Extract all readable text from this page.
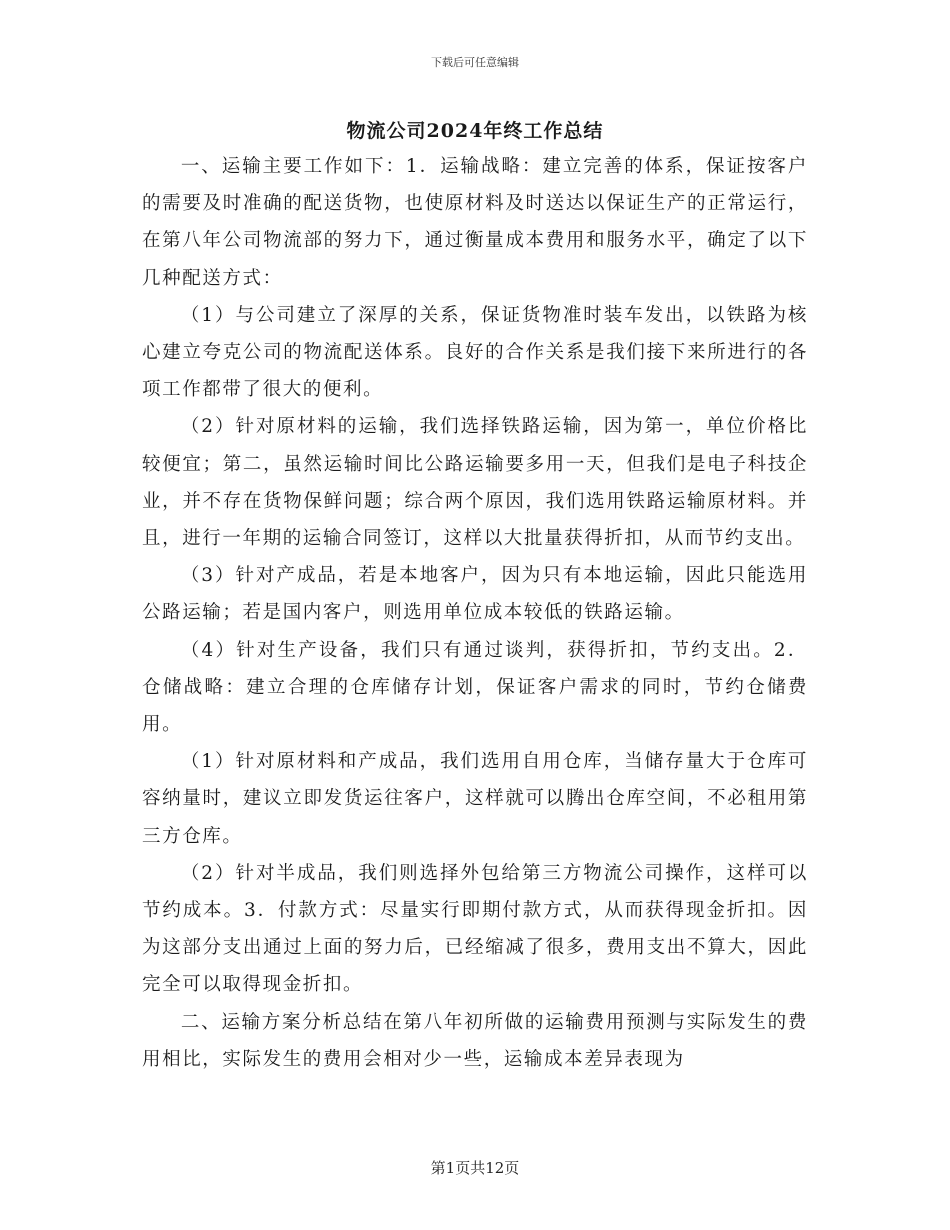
下载后可任意编辑
物流公司2024年终工作总结

一、运输主要工作如下：1．运输战略：建立完善的体系，保证按客户的需要及时准确的配送货物，也使原材料及时送达以保证生产的正常运行，在第八年公司物流部的努力下，通过衡量成本费用和服务水平，确定了以下几种配送方式：

（1）与公司建立了深厚的关系，保证货物准时装车发出，以铁路为核心建立夸克公司的物流配送体系。良好的合作关系是我们接下来所进行的各项工作都带了很大的便利。

（2）针对原材料的运输，我们选择铁路运输，因为第一，单位价格比较便宜；第二，虽然运输时间比公路运输要多用一天，但我们是电子科技企业，并不存在货物保鲜问题；综合两个原因，我们选用铁路运输原材料。并且，进行一年期的运输合同签订，这样以大批量获得折扣，从而节约支出。

（3）针对产成品，若是本地客户，因为只有本地运输，因此只能选用公路运输；若是国内客户，则选用单位成本较低的铁路运输。

（4）针对生产设备，我们只有通过谈判，获得折扣，节约支出。2．仓储战略：建立合理的仓库储存计划，保证客户需求的同时，节约仓储费用。

（1）针对原材料和产成品，我们选用自用仓库，当储存量大于仓库可容纳量时，建议立即发货运往客户，这样就可以腾出仓库空间，不必租用第三方仓库。

（2）针对半成品，我们则选择外包给第三方物流公司操作，这样可以节约成本。3．付款方式：尽量实行即期付款方式，从而获得现金折扣。因为这部分支出通过上面的努力后，已经缩减了很多，费用支出不算大，因此完全可以取得现金折扣。

二、运输方案分析总结在第八年初所做的运输费用预测与实际发生的费用相比，实际发生的费用会相对少一些，运输成本差异表现为

第1页共12页
